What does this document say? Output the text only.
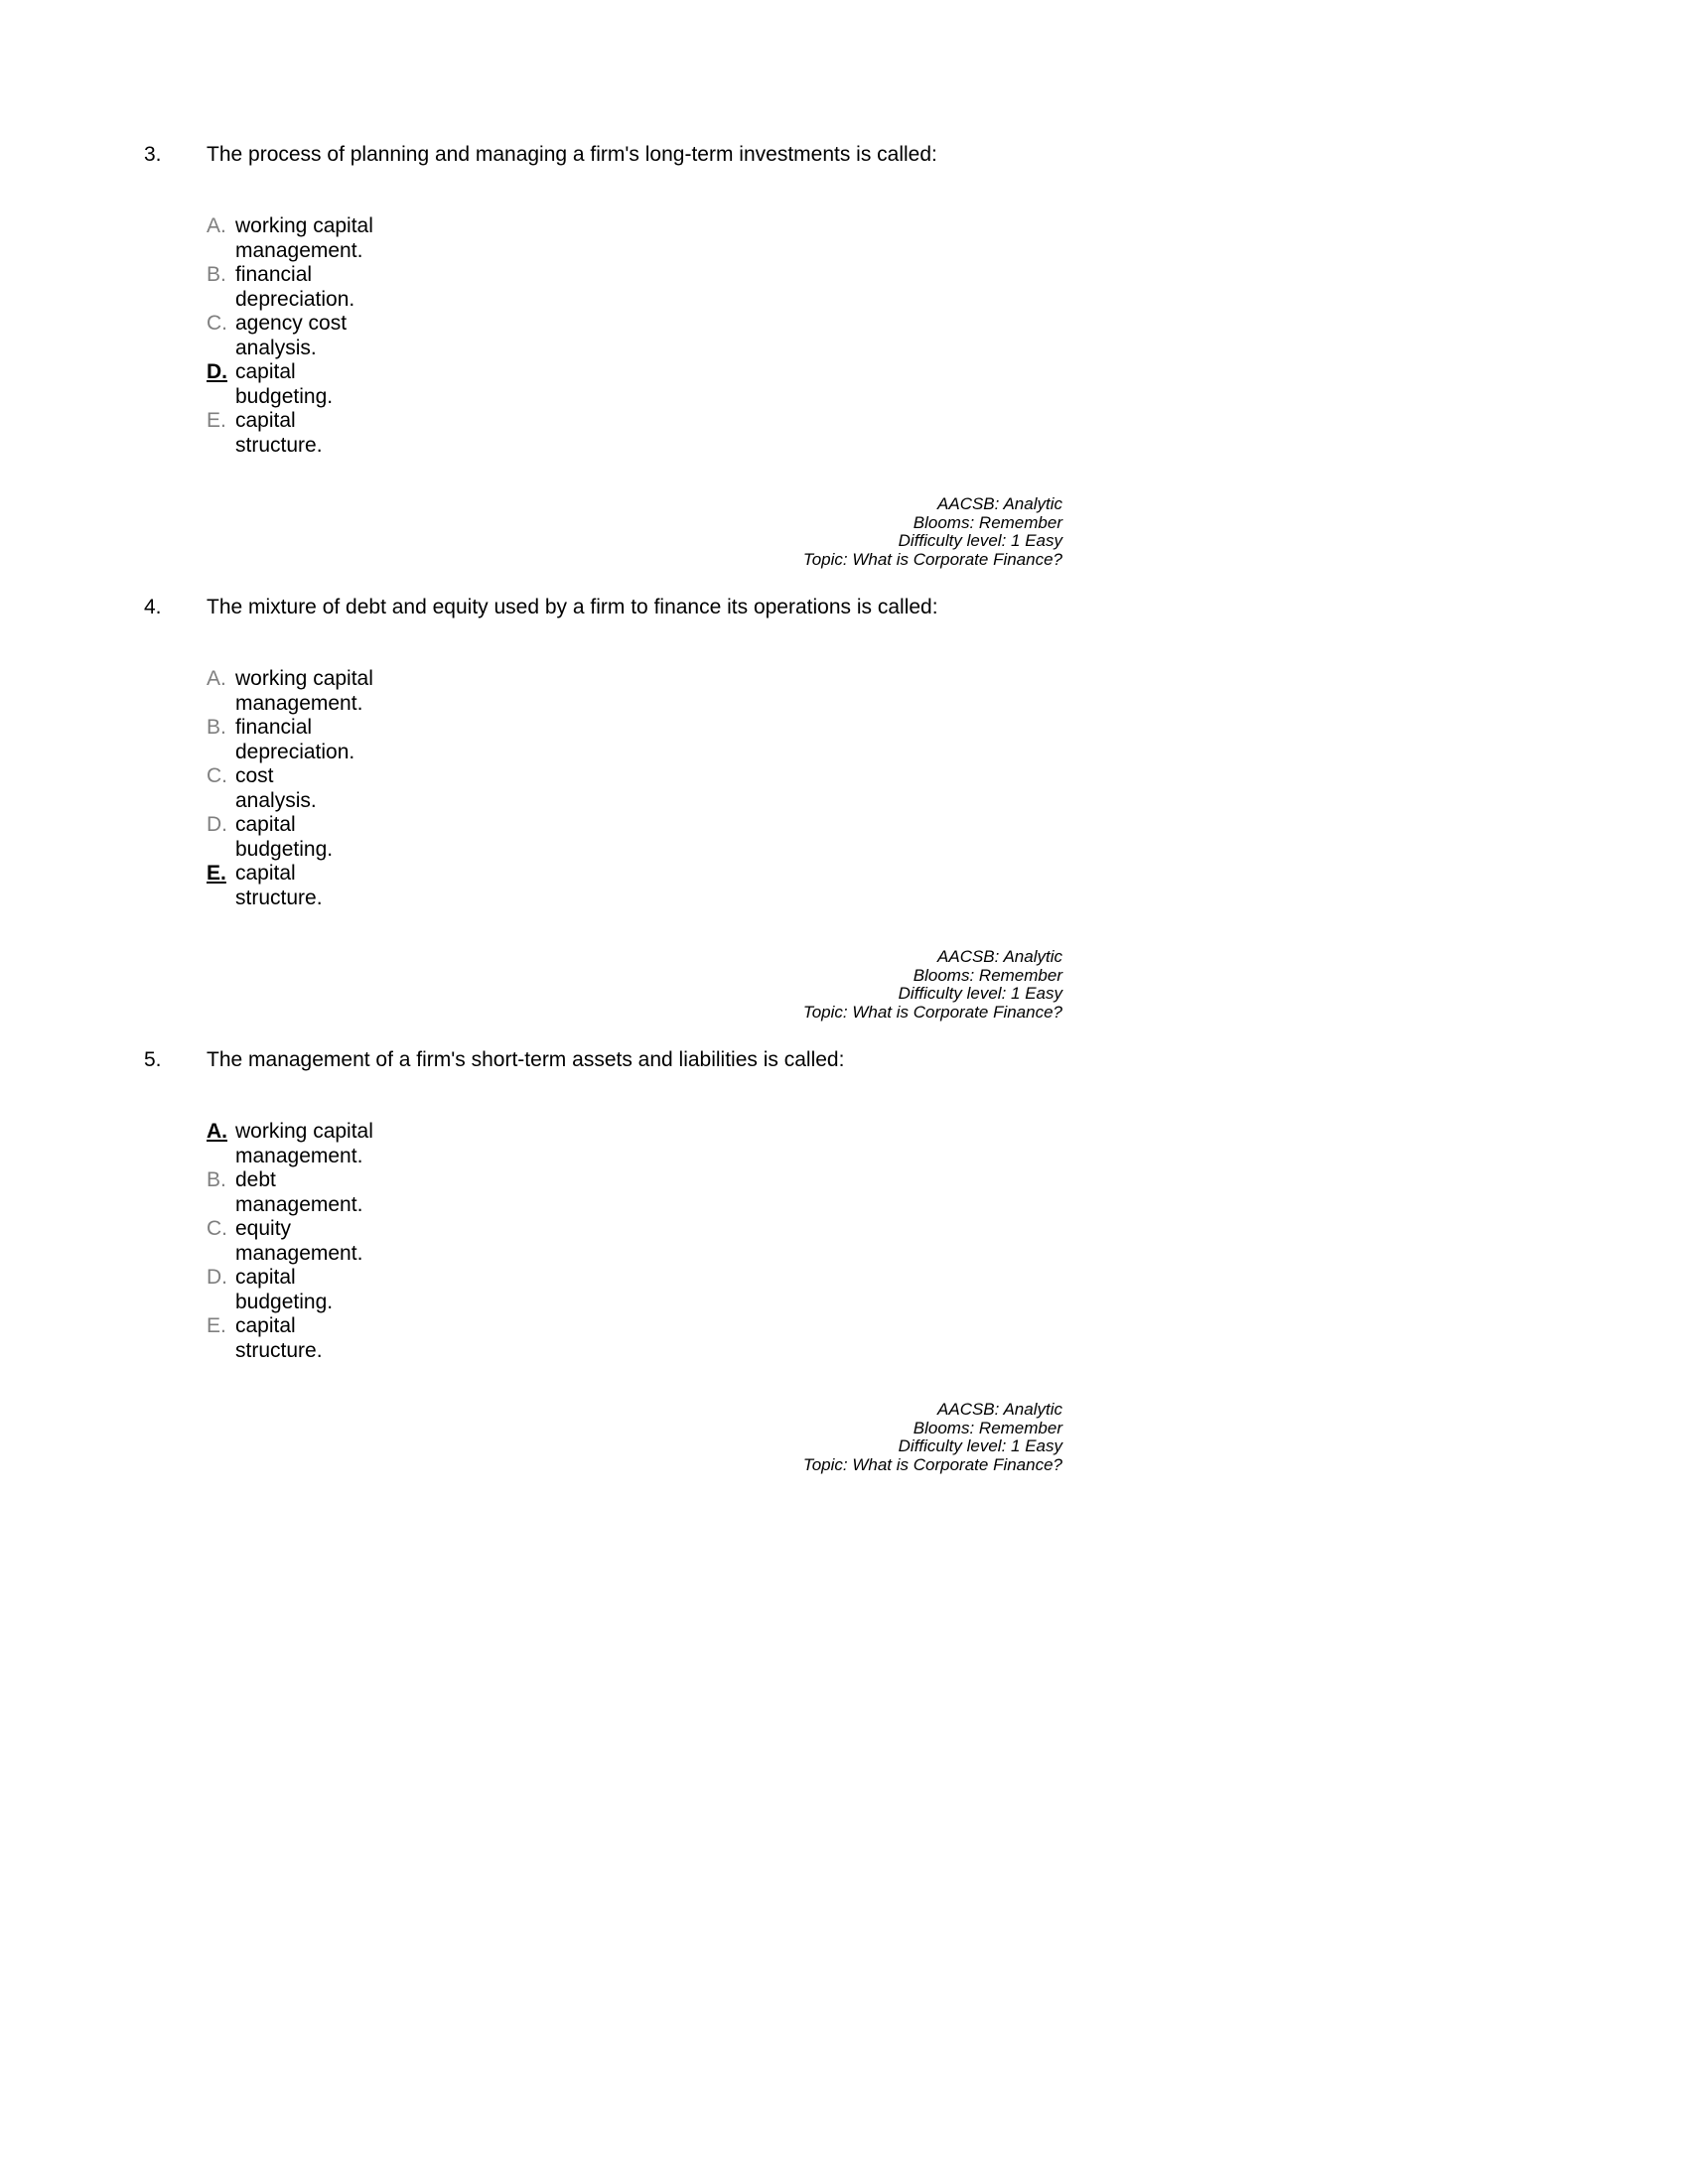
3.	The process of planning and managing a firm's long-term investments is called:
A. working capital
management.
B. financial
depreciation.
C. agency cost
analysis.
D. capital
budgeting.
E. capital
structure.
AACSB: Analytic
Blooms: Remember
Difficulty level: 1 Easy
Topic: What is Corporate Finance?
4.	The mixture of debt and equity used by a firm to finance its operations is called:
A. working capital
management.
B. financial
depreciation.
C. cost
analysis.
D. capital
budgeting.
E. capital
structure.
AACSB: Analytic
Blooms: Remember
Difficulty level: 1 Easy
Topic: What is Corporate Finance?
5.	The management of a firm's short-term assets and liabilities is called:
A. working capital
management.
B. debt
management.
C. equity
management.
D. capital
budgeting.
E. capital
structure.
AACSB: Analytic
Blooms: Remember
Difficulty level: 1 Easy
Topic: What is Corporate Finance?
